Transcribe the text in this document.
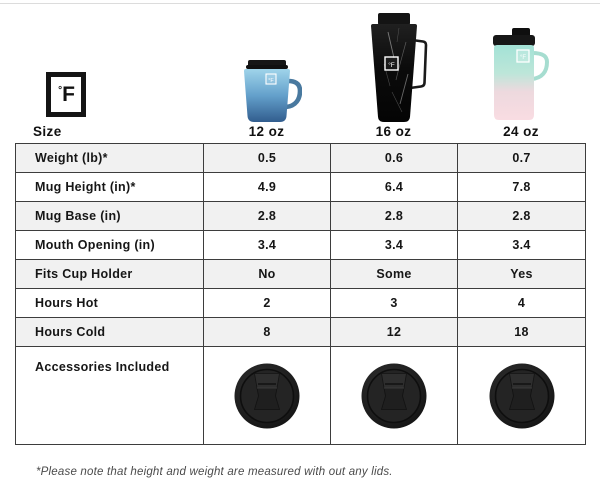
° F
°F
°F
°F
Size	12 oz	16 oz	24 oz
Weight (lb)*	0.5	0.6	0.7
Mug Height (in)*	4.9	6.4	7.8
Mug Base (in)	2.8	2.8	2.8
Mouth Opening (in)	3.4	3.4	3.4
Fits Cup Holder	No	Some	Yes
Hours Hot	2	3	4
Hours Cold	8	12	18
Accessories Included	

*Please note that height and weight are measured with out any lids.
